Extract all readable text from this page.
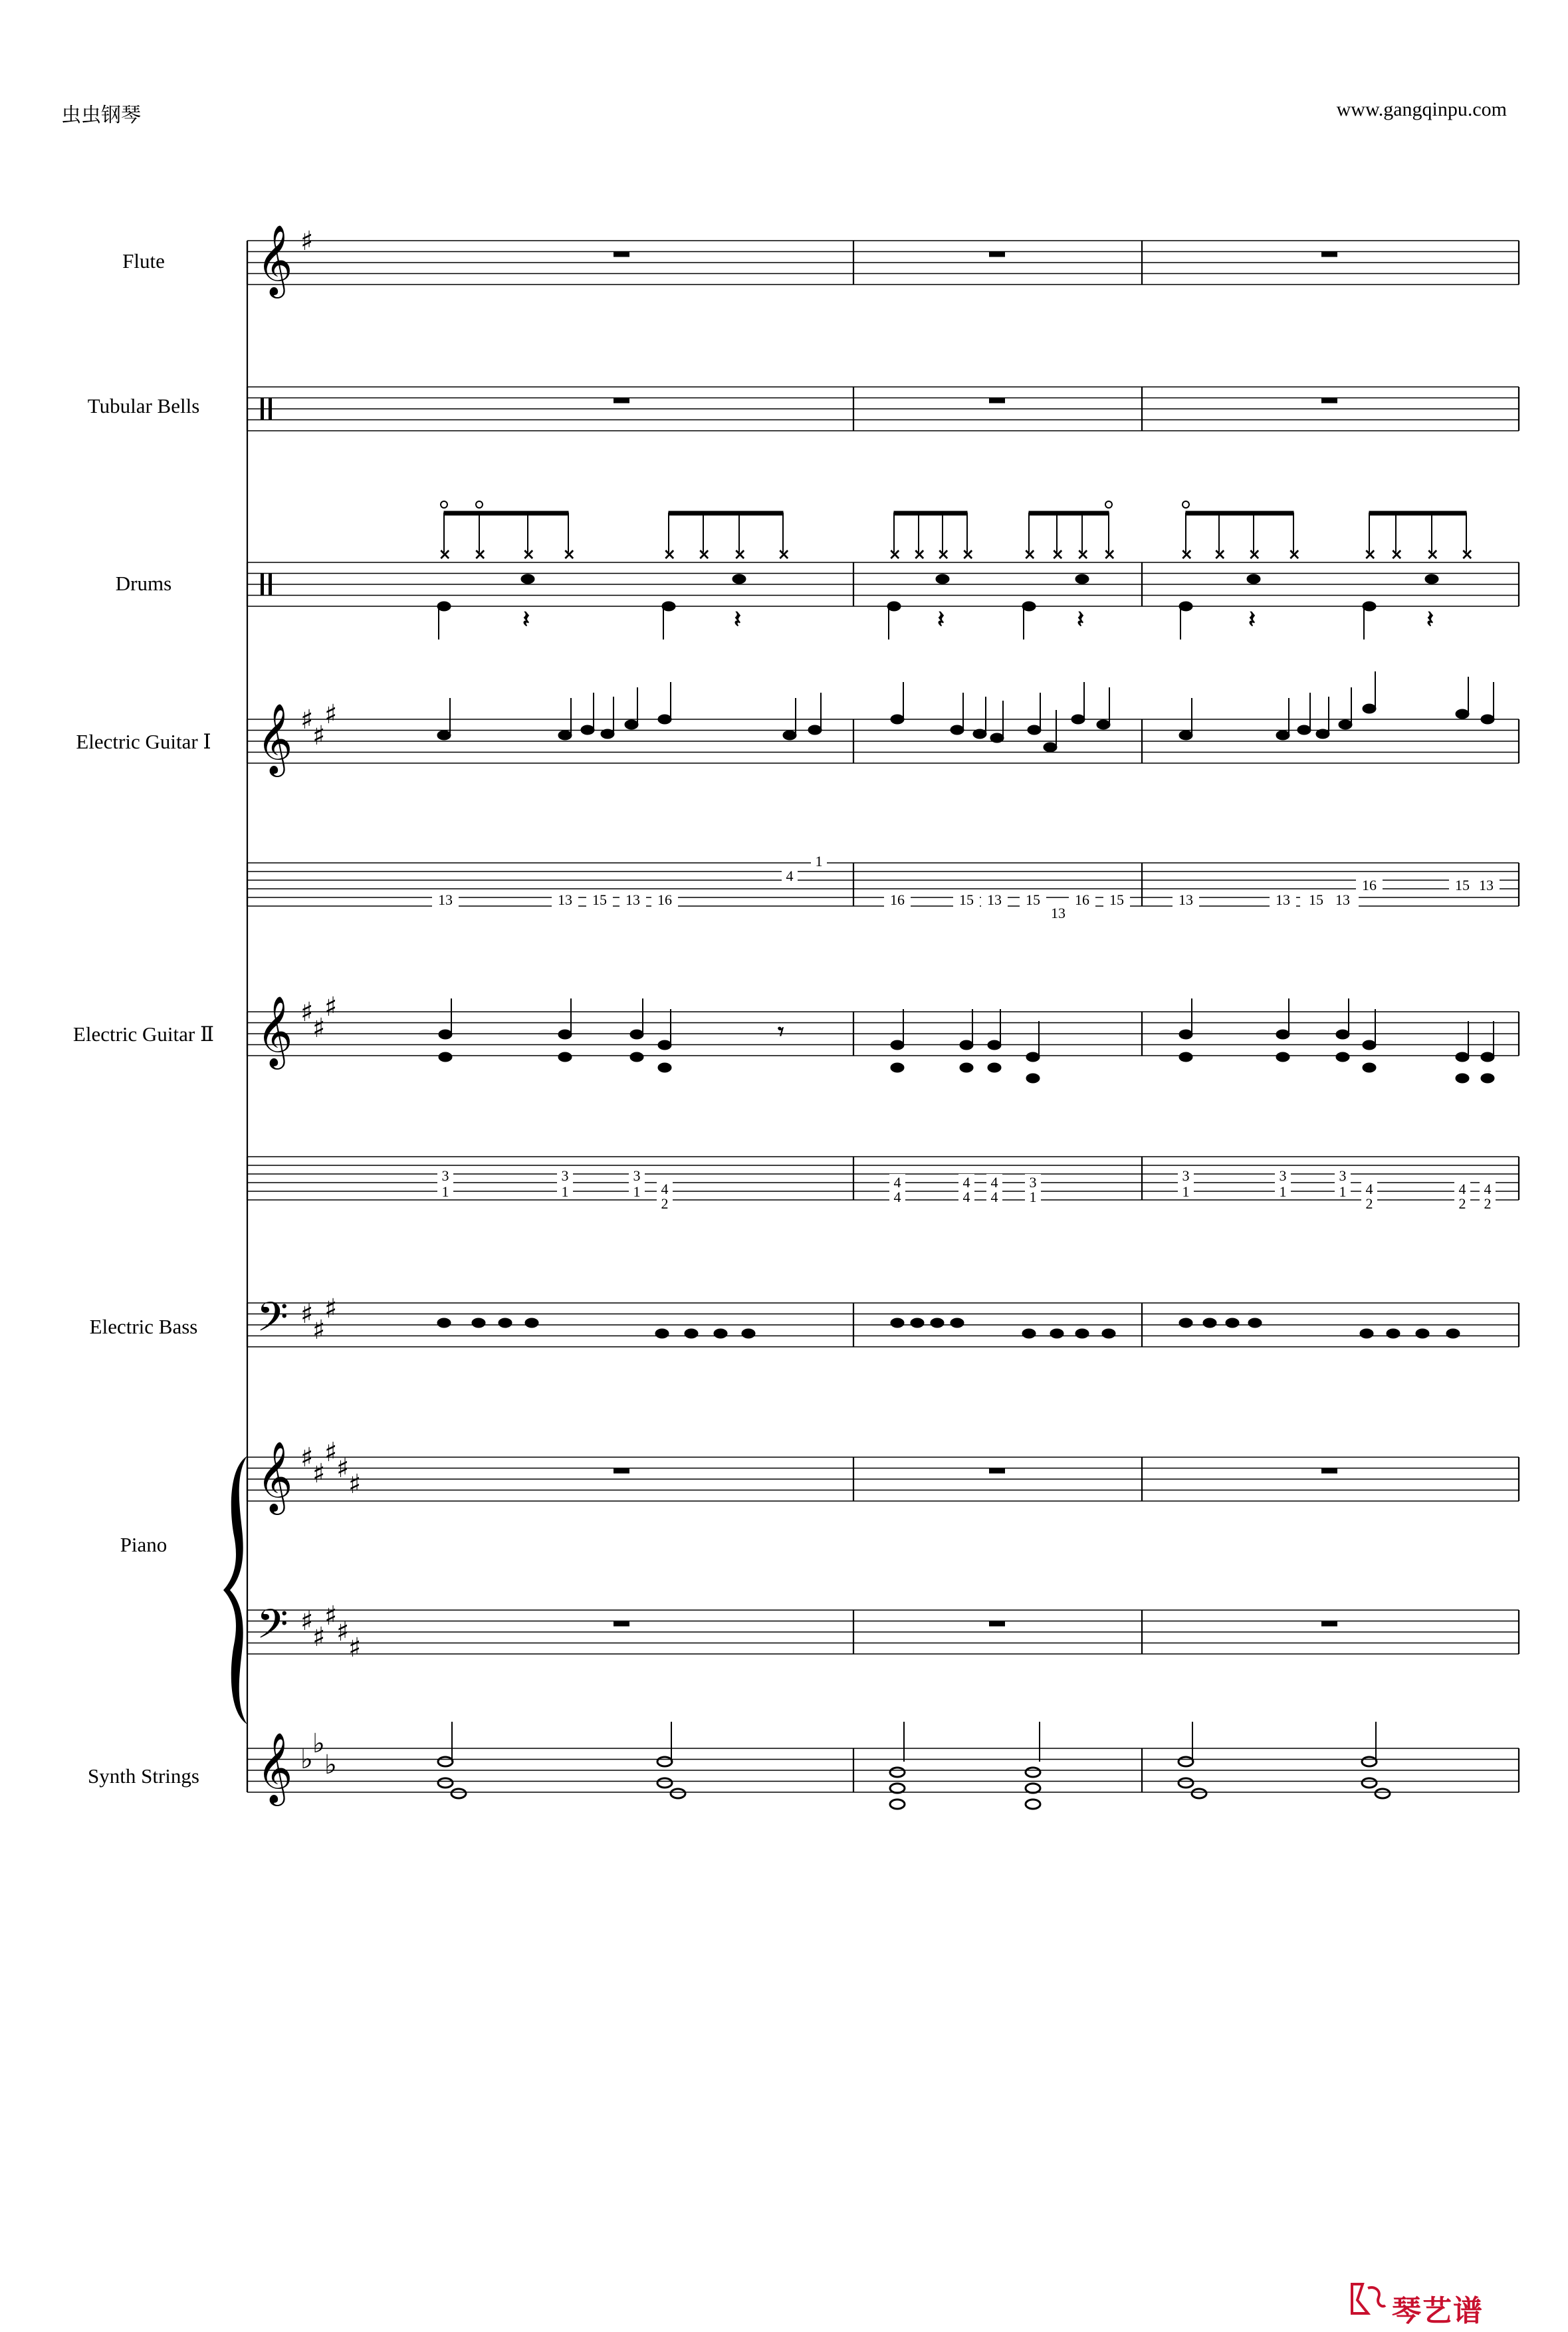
虫虫钢琴	www.gangqinpu.com
Flute
Tubular Bells
Drums
Electric Guitar Ⅰ
Electric Guitar Ⅱ
Electric Bass
Piano
Synth Strings
𝄞
𝄞
𝄞
𝄢
𝄞
𝄢
𝄞
♯
♯
♯
♯
♯
♯
♯
♯
♯
♯
♯
♯
♯
♯
♯
♯
♯
♯
♯
♯
♭
♭
♭
× × × ×	× × × ×	× × × ×	× × × ×	× × × ×	× × × ×
𝄽	𝄽	𝄽	𝄽	𝄽	𝄽
𝄾
13	13 15 13 16
4
1
16	15 13 15
13
16 15	13	13 15 13
16	15 13
3
1
3
1
3
1 4
2
4
4
4
4
4
4
3
1
3
1
3
1
3
1 4
2
4
2
4
2
琴艺谱
